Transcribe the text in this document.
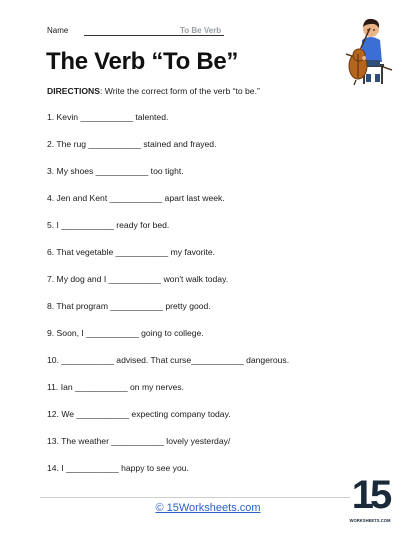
Name	To Be Verb
The Verb “To Be”
DIRECTIONS: Write the correct form of the verb “to be.”
1. Kevin ___________ talented.
2. The rug ___________ stained and frayed.
3. My shoes ___________ too tight.
4. Jen and Kent ___________ apart last week.
5. I ___________ ready for bed.
6. That vegetable ___________ my favorite.
7. My dog and I ___________ won't walk today.
8. That program ___________ pretty good.
9. Soon, I ___________ going to college.
10. ___________ advised. That curse___________ dangerous.
11. Ian ___________ on my nerves.
12. We ___________ expecting company today.
13. The weather ___________ lovely yesterday/
14. I ___________ happy to see you.
© 15Worksheets.com	15
WORKSHEETS.COM
